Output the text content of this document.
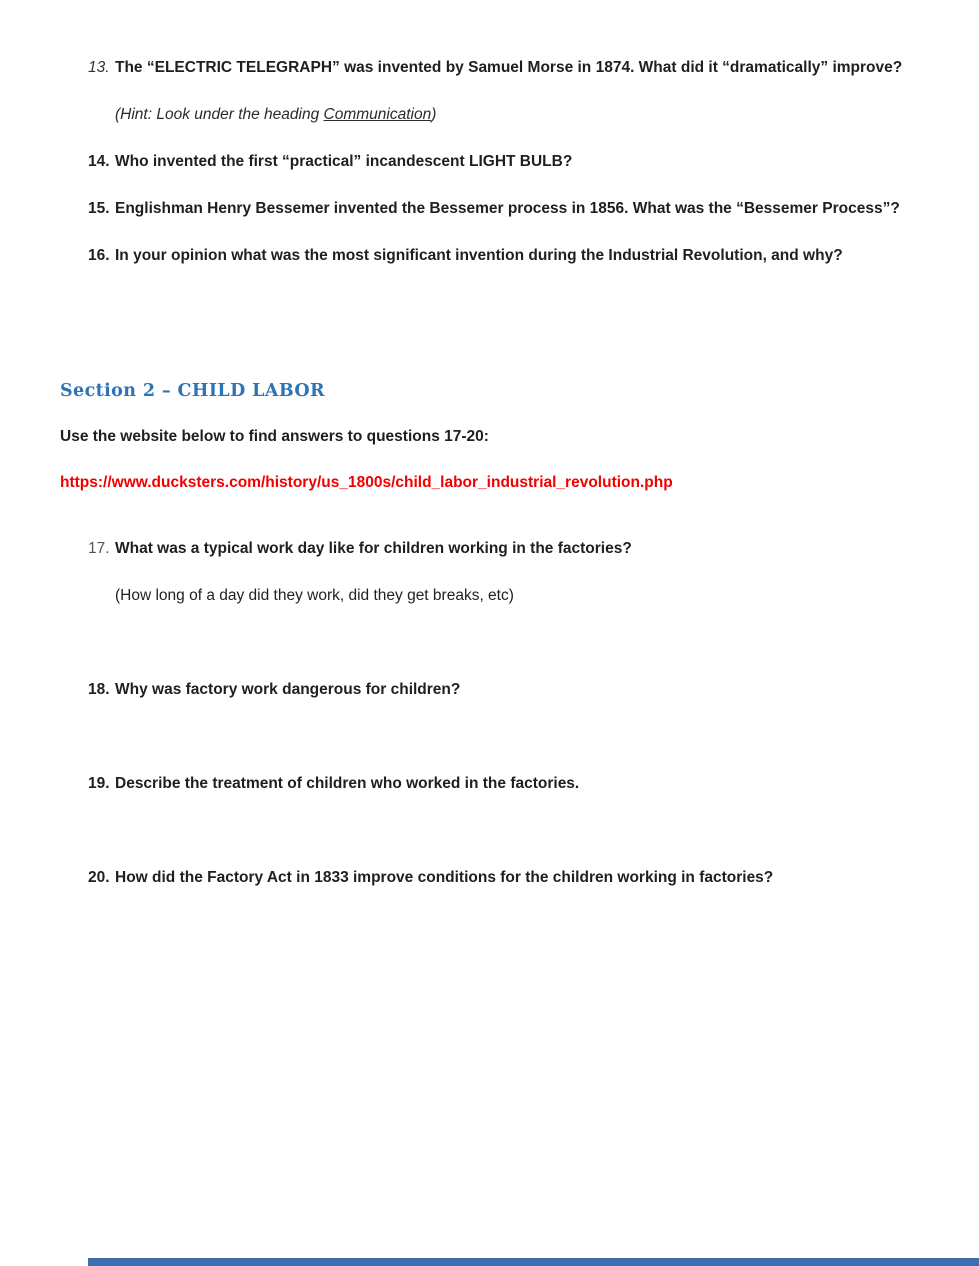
13. The “ELECTRIC TELEGRAPH” was invented by Samuel Morse in 1874. What did it “dramatically” improve? (Hint: Look under the heading Communication)
14. Who invented the first “practical” incandescent LIGHT BULB?
15. Englishman Henry Bessemer invented the Bessemer process in 1856. What was the “Bessemer Process”?
16. In your opinion what was the most significant invention during the Industrial Revolution, and why?
Section 2 – CHILD LABOR
Use the website below to find answers to questions 17-20:
https://www.ducksters.com/history/us_1800s/child_labor_industrial_revolution.php
17. What was a typical work day like for children working in the factories?
(How long of a day did they work, did they get breaks, etc)
18. Why was factory work dangerous for children?
19. Describe the treatment of children who worked in the factories.
20. How did the Factory Act in 1833 improve conditions for the children working in factories?
